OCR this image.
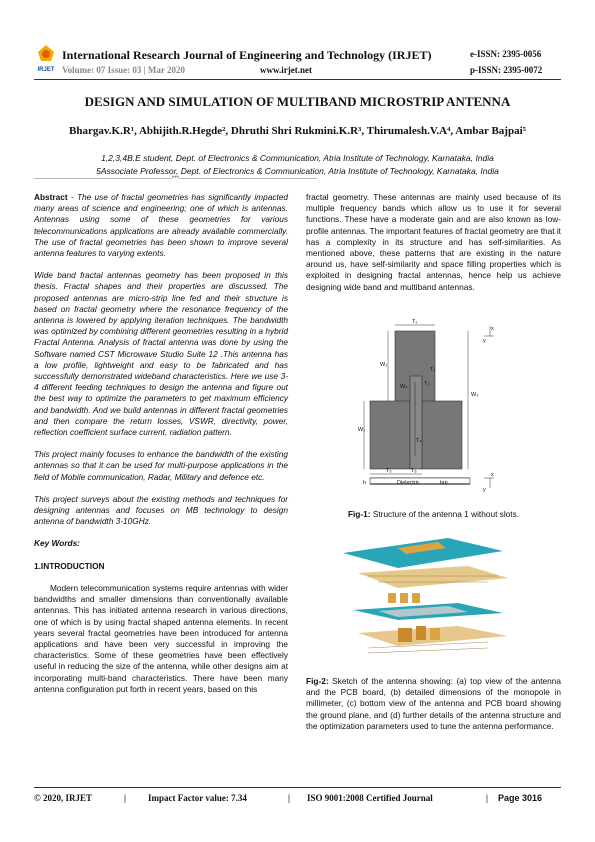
IRJET
International Research Journal of Engineering and Technology (IRJET)	e-ISSN: 2395-0056
Volume: 07 Issue: 03 | Mar 2020	www.irjet.net	p-ISSN: 2395-0072
DESIGN AND SIMULATION OF MULTIBAND MICROSTRIP ANTENNA
Bhargav.K.R¹, Abhijith.R.Hegde², Dhruthi Shri Rukmini.K.R³, Thirumalesh.V.A⁴, Ambar Bajpai⁵
1,2,3,4B.E student, Dept. of Electronics & Communication, Atria Institute of Technology, Karnataka, India
5Associate Professor, Dept. of Electronics & Communication, Atria Institute of Technology, Karnataka, India
---------------------------------------------------------------------***---------------------------------------------------------------------

Abstract - The use of fractal geometries has significantly impacted many areas of science and engineering; one of which is antennas. Antennas using some of these geometries for various telecommunications applications are already available commercially. The use of fractal geometries has been shown to improve several antenna features to varying extents.

Wide band fractal antennas geometry has been proposed in this thesis. Fractal shapes and their properties are discussed. The proposed antennas are micro-strip line fed and their structure is based on fractal geometry where the resonance frequency of the antenna is lowered by applying iteration techniques. The bandwidth was optimized by combining different geometries resulting in a hybrid Fractal Antenna. Analysis of fractal antenna was done by using the Software named CST Microwave Studio Suite 12 .This antenna has a low profile, lightweight and easy to be fabricated and has successfully demonstrated wideband characteristics. Here we use 3-4 different feeding techniques to design the antenna and figure out the best way to optimize the parameters to get maximum efficiency and bandwidth. And we build antennas in different fractal geometries and then compare the return losses, VSWR, directivity, power, reflection coefficient surface current, radiation pattern.

This project mainly focuses to enhance the bandwidth of the existing antennas so that it can be used for multi-purpose applications in the field of Mobile communication, Radar, Military and defence etc.

This project surveys about the existing methods and techniques for designing antennas and focuses on MB technology to design antenna of bandwidth 3-10GHz.

Key Words:

1.INTRODUCTION

Modern telecommunication systems require antennas with wider bandwidths and smaller dimensions than conventionally available antennas. This has initiated antenna research in various directions, one of which is by using fractal shaped antenna elements. In recent years several fractal geometries have been introduced for antenna applications and have been very successful in improving the characteristics. Some of these geometries have been effectively useful in reducing the size of the antenna, while other designs aim at incorporating multi-band characteristics. There have been many antenna configuration put forth in recent years, based on this

fractal geometry. These antennas are mainly used because of its multiple frequency bands which allow us to use it for several functions. These have a moderate gain and are also known as low-profile antennas. The important features of fractal geometry are that it has a complexity in its structure and has self-similarities. As mentioned above, these patterns that are existing in the nature around us, have self-similarity and space filling properties which is exploited in designing fractal antennas, hence help us achieve designing wide band and multiband antennas.

T₁
W₂
W₄
T₂
T₃
W₃
W₁
T₄
T₅	T₆
h	Dielectric	tan
x
y
x
y
Fig-1: Structure of the antenna 1 without slots.
Fig-2: Sketch of the antenna showing: (a) top view of the antenna and the PCB board, (b) detailed dimensions of the monopole in millimeter, (c) bottom view of the antenna and PCB board showing the ground plane, and (d) further details of the antenna structure and the optimization parameters used to tune the antenna performance.
© 2020, IRJET	| Impact Factor value: 7.34	| ISO 9001:2008 Certified Journal	| Page 3016
